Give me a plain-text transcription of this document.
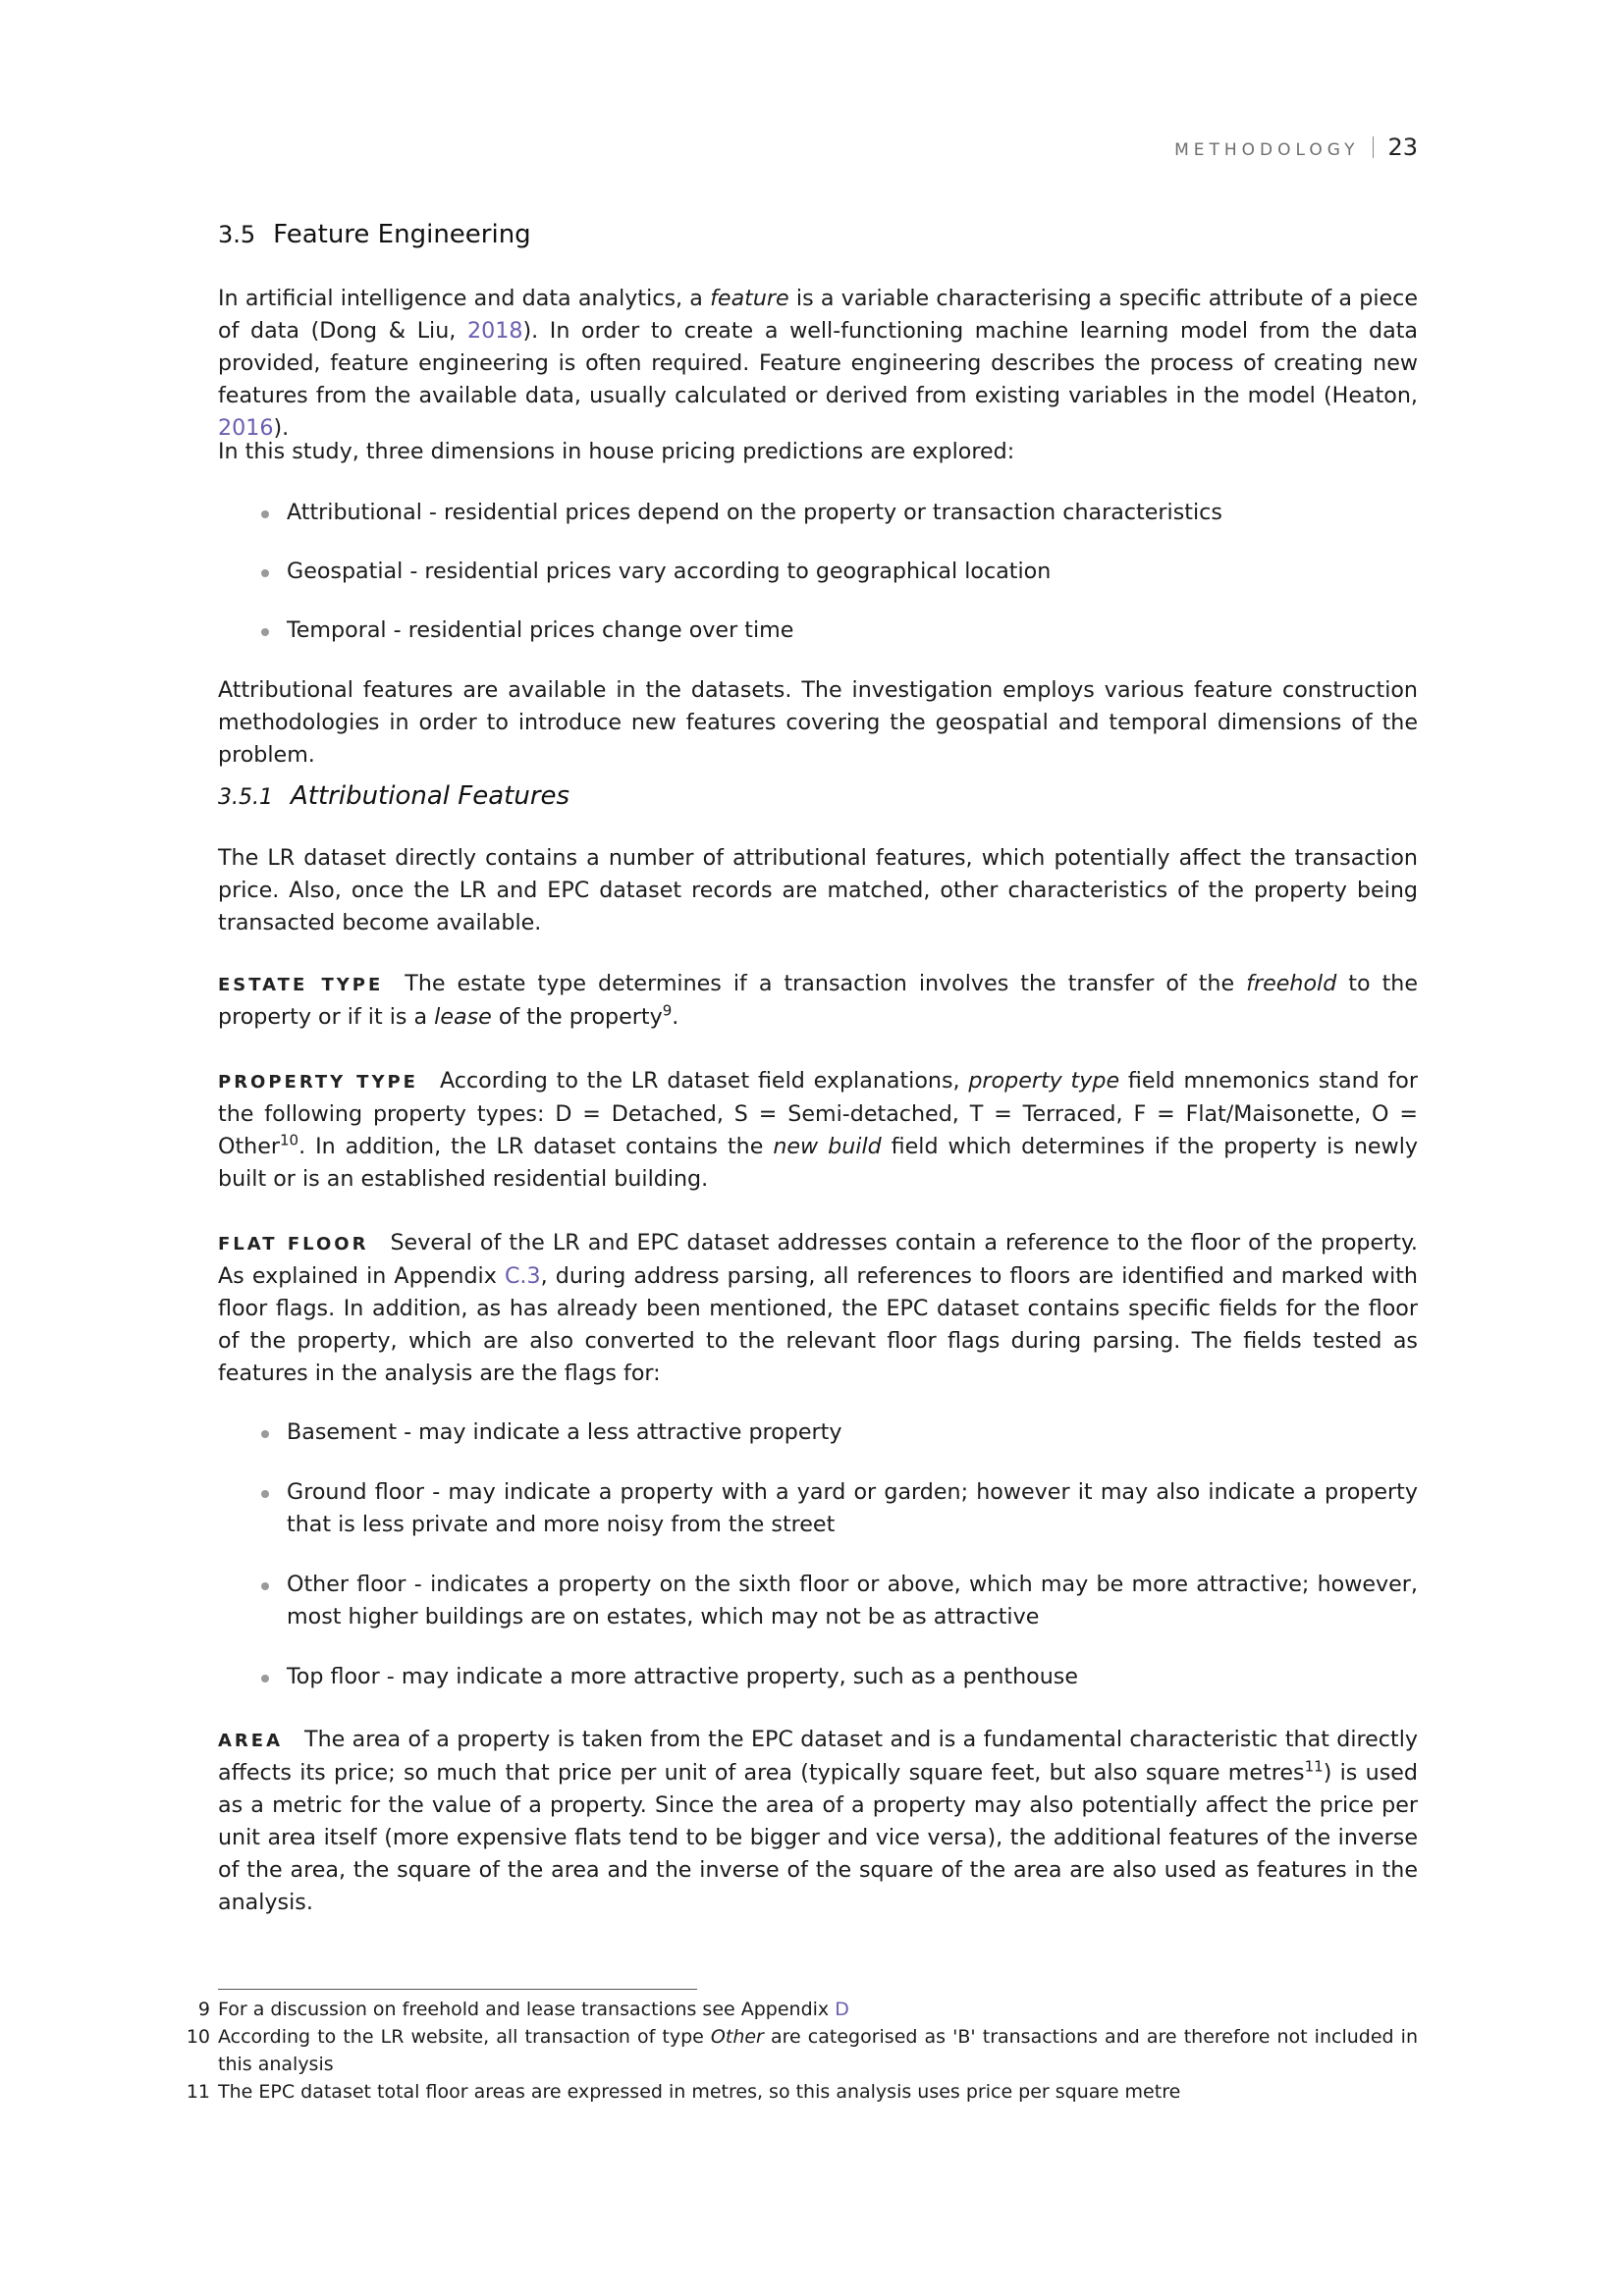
METHODOLOGY 23
3.5 Feature Engineering

In artificial intelligence and data analytics, a feature is a variable characterising a specific attribute of a piece of data (Dong & Liu, 2018). In order to create a well-functioning machine learning model from the data provided, feature engineering is often required. Feature engineering describes the process of creating new features from the available data, usually calculated or derived from existing variables in the model (Heaton, 2016).

In this study, three dimensions in house pricing predictions are explored:

Attributional - residential prices depend on the property or transaction characteristics
Geospatial - residential prices vary according to geographical location
Temporal - residential prices change over time

Attributional features are available in the datasets. The investigation employs various feature construction methodologies in order to introduce new features covering the geospatial and temporal dimensions of the problem.

3.5.1 Attributional Features

The LR dataset directly contains a number of attributional features, which potentially affect the transaction price. Also, once the LR and EPC dataset records are matched, other characteristics of the property being transacted become available.

ESTATE TYPE The estate type determines if a transaction involves the transfer of the freehold to the property or if it is a lease of the property$^9$.

PROPERTY TYPE According to the LR dataset field explanations, property type field mnemonics stand for the following property types: D = Detached, S = Semi-detached, T = Terraced, F = Flat/Maisonette, O = Other$^{10}$. In addition, the LR dataset contains the new build field which determines if the property is newly built or is an established residential building.

FLAT FLOOR Several of the LR and EPC dataset addresses contain a reference to the floor of the property. As explained in Appendix C.3, during address parsing, all references to floors are identified and marked with floor flags. In addition, as has already been mentioned, the EPC dataset contains specific fields for the floor of the property, which are also converted to the relevant floor flags during parsing. The fields tested as features in the analysis are the flags for:

Basement - may indicate a less attractive property
Ground floor - may indicate a property with a yard or garden; however it may also indicate a property that is less private and more noisy from the street
Other floor - indicates a property on the sixth floor or above, which may be more attractive; however, most higher buildings are on estates, which may not be as attractive
Top floor - may indicate a more attractive property, such as a penthouse

AREA The area of a property is taken from the EPC dataset and is a fundamental characteristic that directly affects its price; so much that price per unit of area (typically square feet, but also square metres$^{11}$) is used as a metric for the value of a property. Since the area of a property may also potentially affect the price per unit area itself (more expensive flats tend to be bigger and vice versa), the additional features of the inverse of the area, the square of the area and the inverse of the square of the area are also used as features in the analysis.

9 For a discussion on freehold and lease transactions see Appendix D
10 According to the LR website, all transaction of type Other are categorised as 'B' transactions and are therefore not included in this analysis
11 The EPC dataset total floor areas are expressed in metres, so this analysis uses price per square metre
